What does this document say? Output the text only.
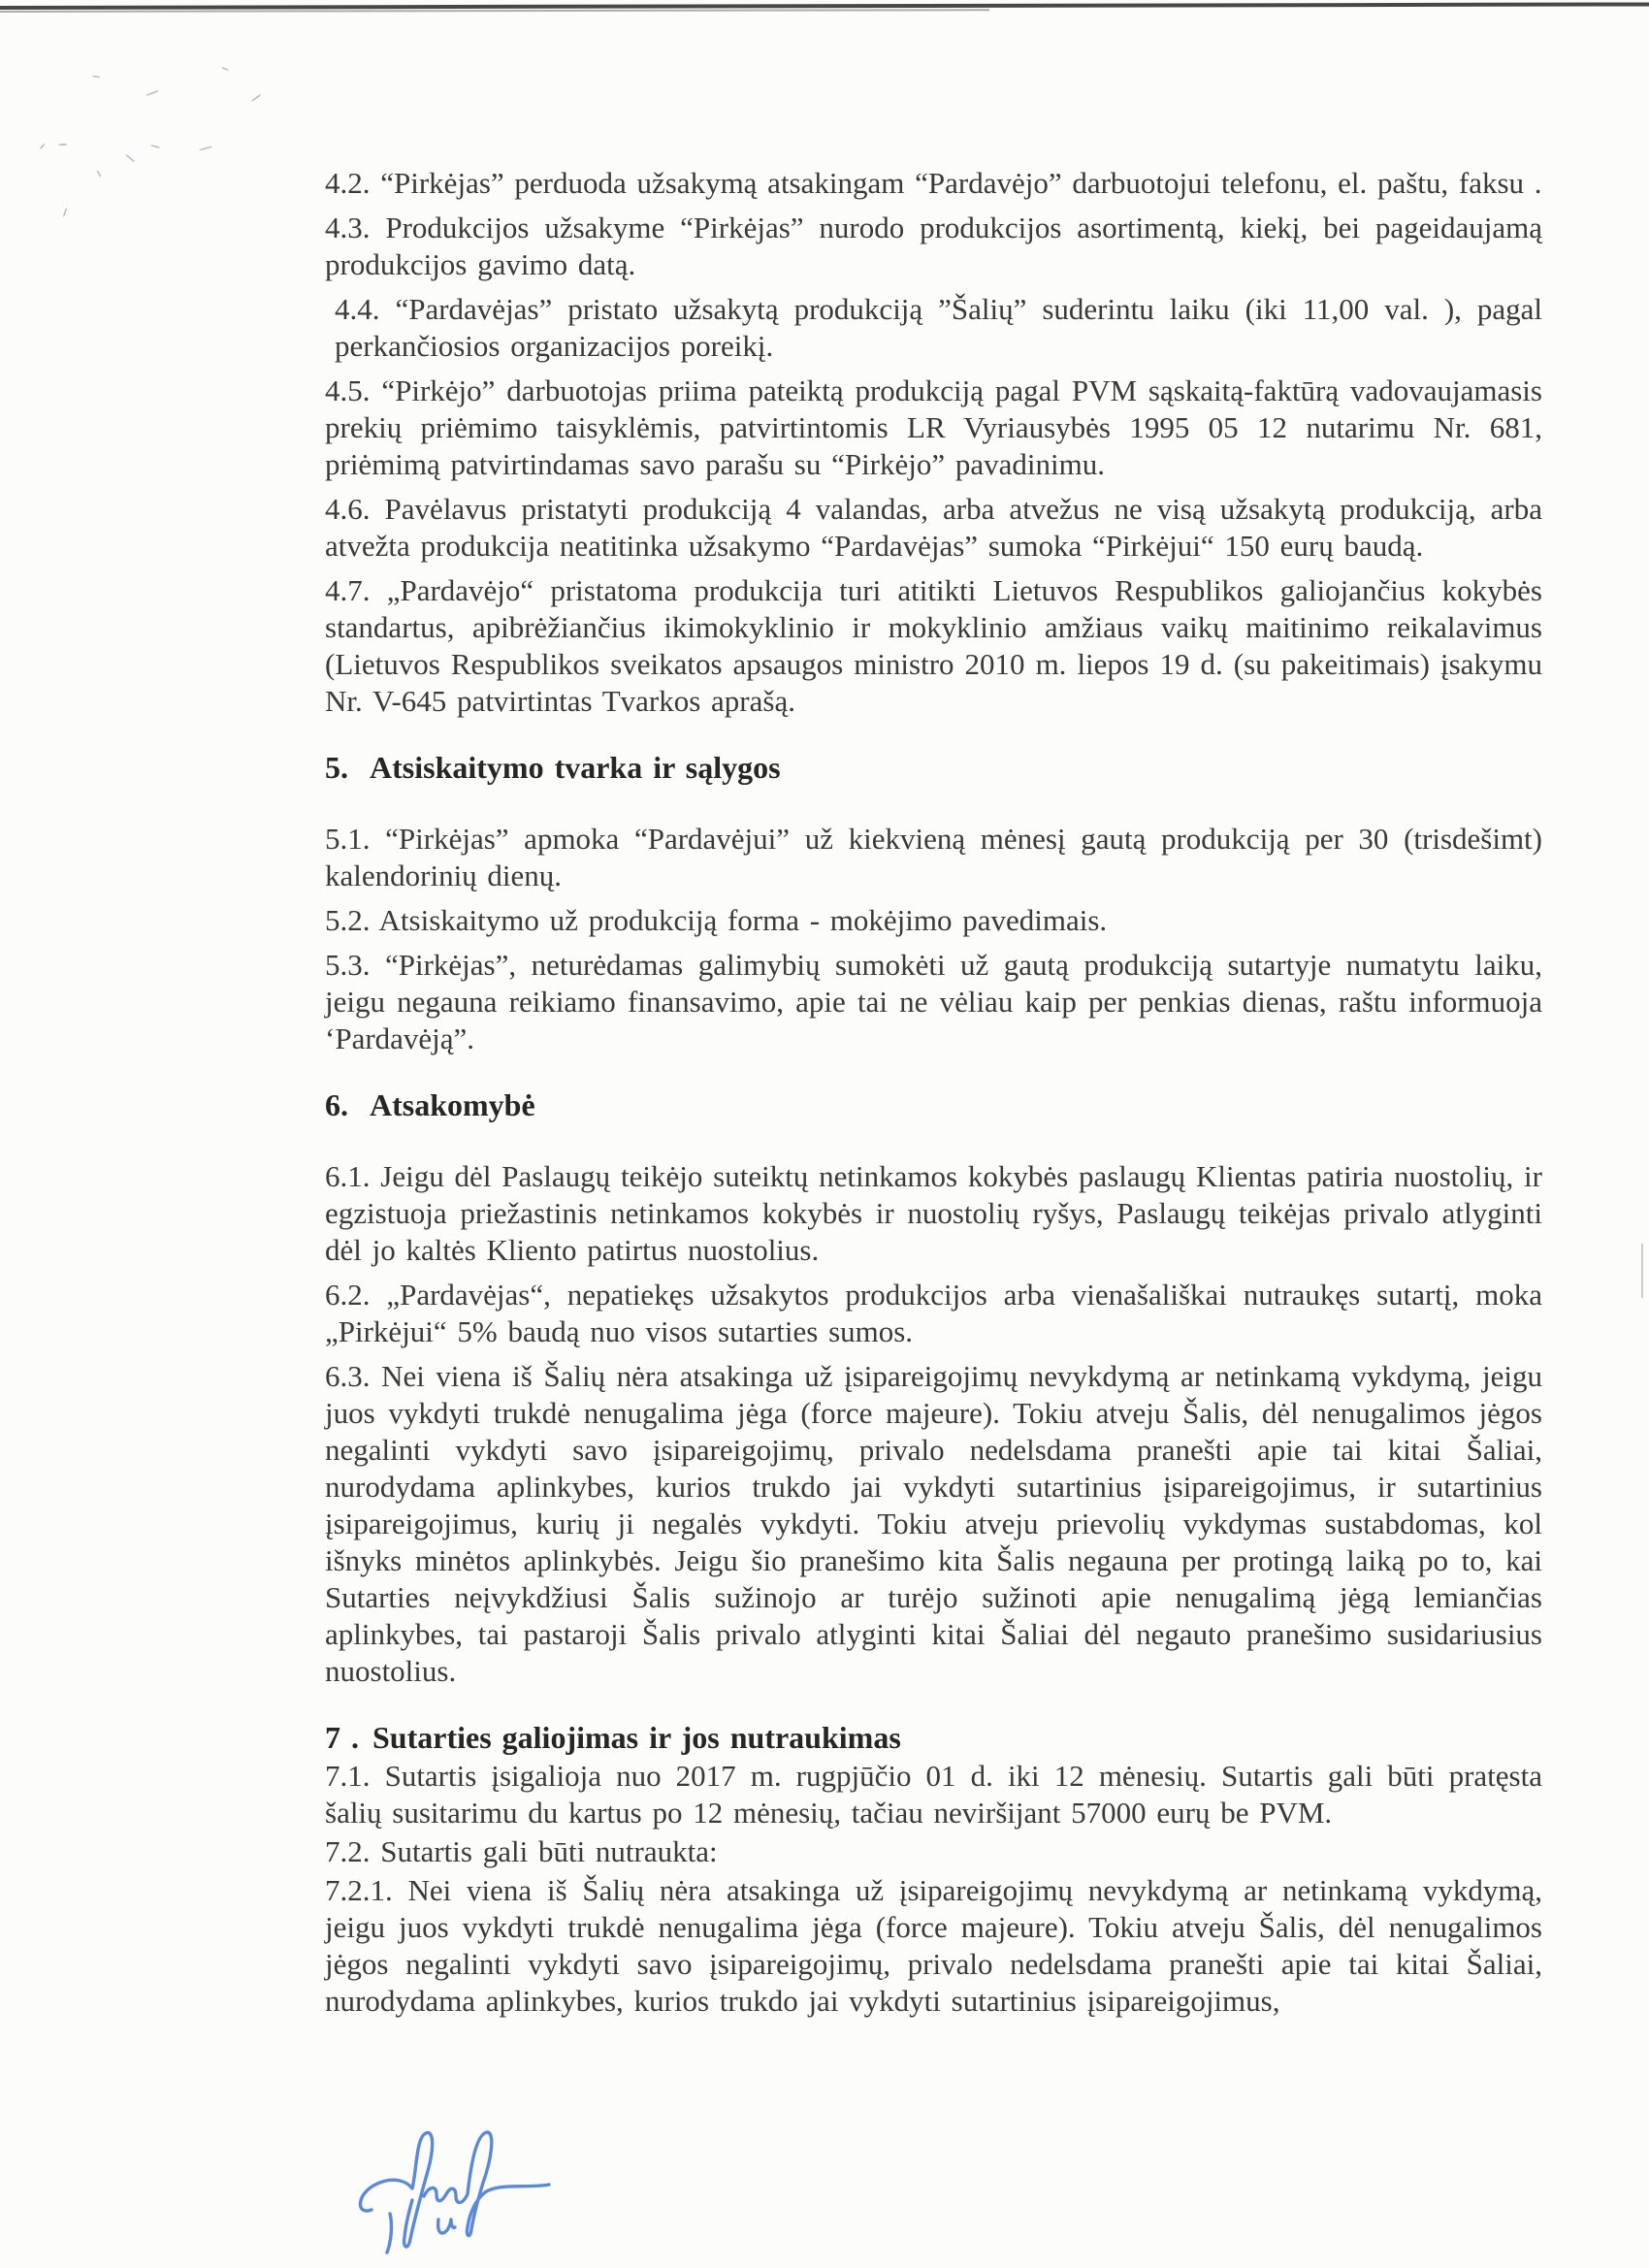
4.2. “Pirkėjas” perduoda užsakymą atsakingam “Pardavėjo” darbuotojui telefonu, el. paštu, faksu .

4.3. Produkcijos užsakyme “Pirkėjas” nurodo produkcijos asortimentą, kiekį, bei pageidaujamą produkcijos gavimo datą.

4.4. “Pardavėjas” pristato užsakytą produkciją ”Šalių” suderintu laiku (iki 11,00 val. ), pagal perkančiosios organizacijos poreikį.

4.5. “Pirkėjo” darbuotojas priima pateiktą produkciją pagal PVM sąskaitą-faktūrą vadovaujamasis prekių priėmimo taisyklėmis, patvirtintomis LR Vyriausybės 1995 05 12 nutarimu Nr. 681, priėmimą patvirtindamas savo parašu su “Pirkėjo” pavadinimu.

4.6. Pavėlavus pristatyti produkciją 4 valandas, arba atvežus ne visą užsakytą produkciją, arba atvežta produkcija neatitinka užsakymo “Pardavėjas” sumoka “Pirkėjui“ 150 eurų baudą.

4.7. „Pardavėjo“ pristatoma produkcija turi atitikti Lietuvos Respublikos galiojančius kokybės standartus, apibrėžiančius ikimokyklinio ir mokyklinio amžiaus vaikų maitinimo reikalavimus (Lietuvos Respublikos sveikatos apsaugos ministro 2010 m. liepos 19 d. (su pakeitimais) įsakymu Nr. V-645 patvirtintas Tvarkos aprašą.

5. Atsiskaitymo tvarka ir sąlygos

5.1. “Pirkėjas” apmoka “Pardavėjui” už kiekvieną mėnesį gautą produkciją per 30 (trisdešimt) kalendorinių dienų.

5.2. Atsiskaitymo už produkciją forma - mokėjimo pavedimais.

5.3. “Pirkėjas”, neturėdamas galimybių sumokėti už gautą produkciją sutartyje numatytu laiku, jeigu negauna reikiamo finansavimo, apie tai ne vėliau kaip per penkias dienas, raštu informuoja ‘Pardavėją”.

6. Atsakomybė

6.1. Jeigu dėl Paslaugų teikėjo suteiktų netinkamos kokybės paslaugų Klientas patiria nuostolių, ir egzistuoja priežastinis netinkamos kokybės ir nuostolių ryšys, Paslaugų teikėjas privalo atlyginti dėl jo kaltės Kliento patirtus nuostolius.

6.2. „Pardavėjas“, nepatiekęs užsakytos produkcijos arba vienašališkai nutraukęs sutartį, moka „Pirkėjui“ 5% baudą nuo visos sutarties sumos.

6.3. Nei viena iš Šalių nėra atsakinga už įsipareigojimų nevykdymą ar netinkamą vykdymą, jeigu juos vykdyti trukdė nenugalima jėga (force majeure). Tokiu atveju Šalis, dėl nenugalimos jėgos negalinti vykdyti savo įsipareigojimų, privalo nedelsdama pranešti apie tai kitai Šaliai, nurodydama aplinkybes, kurios trukdo jai vykdyti sutartinius įsipareigojimus, ir sutartinius įsipareigojimus, kurių ji negalės vykdyti. Tokiu atveju prievolių vykdymas sustabdomas, kol išnyks minėtos aplinkybės. Jeigu šio pranešimo kita Šalis negauna per protingą laiką po to, kai Sutarties neįvykdžiusi Šalis sužinojo ar turėjo sužinoti apie nenugalimą jėgą lemiančias aplinkybes, tai pastaroji Šalis privalo atlyginti kitai Šaliai dėl negauto pranešimo susidariusius nuostolius.

7 . Sutarties galiojimas ir jos nutraukimas

7.1. Sutartis įsigalioja nuo 2017 m. rugpjūčio 01 d. iki 12 mėnesių. Sutartis gali būti pratęsta šalių susitarimu du kartus po 12 mėnesių, tačiau neviršijant 57000 eurų be PVM.

7.2. Sutartis gali būti nutraukta:

7.2.1. Nei viena iš Šalių nėra atsakinga už įsipareigojimų nevykdymą ar netinkamą vykdymą, jeigu juos vykdyti trukdė nenugalima jėga (force majeure). Tokiu atveju Šalis, dėl nenugalimos jėgos negalinti vykdyti savo įsipareigojimų, privalo nedelsdama pranešti apie tai kitai Šaliai, nurodydama aplinkybes, kurios trukdo jai vykdyti sutartinius įsipareigojimus,
